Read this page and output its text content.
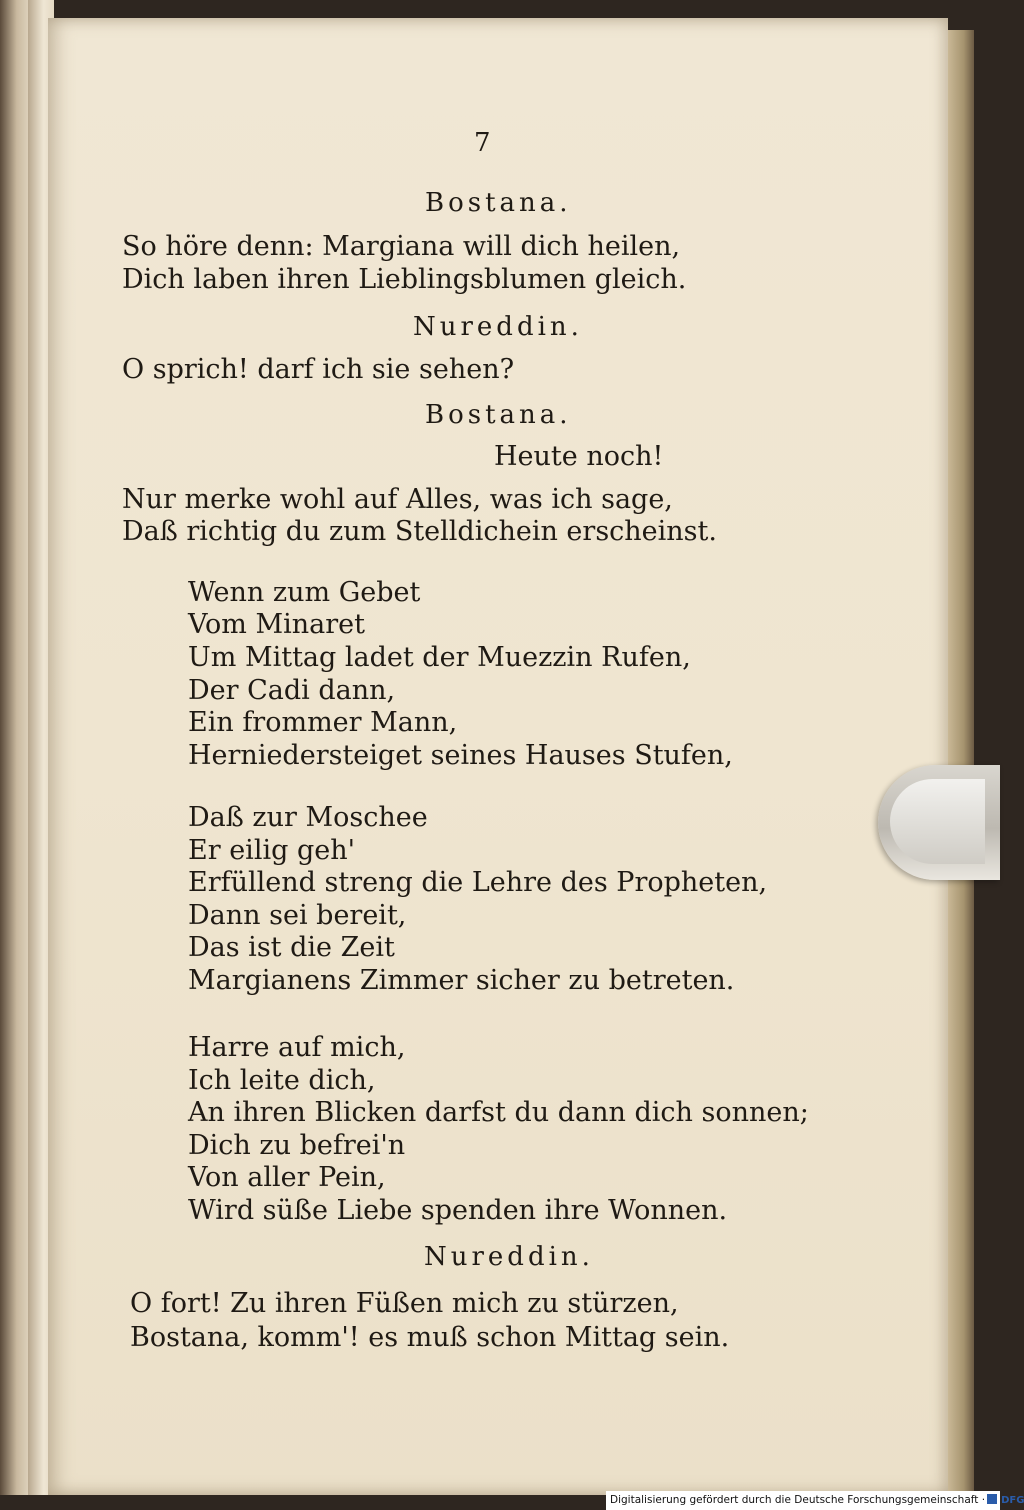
7
Bostana.
So höre denn: Margiana will dich heilen,
Dich laben ihren Lieblingsblumen gleich.
Nureddin.
O sprich! darf ich sie sehen?
Bostana.
Heute noch!
Nur merke wohl auf Alles, was ich sage,
Daß richtig du zum Stelldichein erscheinst.
Wenn zum Gebet
Vom Minaret
Um Mittag ladet der Muezzin Rufen,
Der Cadi dann,
Ein frommer Mann,
Herniedersteiget seines Hauses Stufen,
Daß zur Moschee
Er eilig geh'
Erfüllend streng die Lehre des Propheten,
Dann sei bereit,
Das ist die Zeit
Margianens Zimmer sicher zu betreten.
Harre auf mich,
Ich leite dich,
An ihren Blicken darfst du dann dich sonnen;
Dich zu befrei'n
Von aller Pein,
Wird süße Liebe spenden ihre Wonnen.
Nureddin.
O fort! Zu ihren Füßen mich zu stürzen,
Bostana, komm'! es muß schon Mittag sein.
Digitalisierung gefördert durch die Deutsche Forschungsgemeinschaft · DFG
